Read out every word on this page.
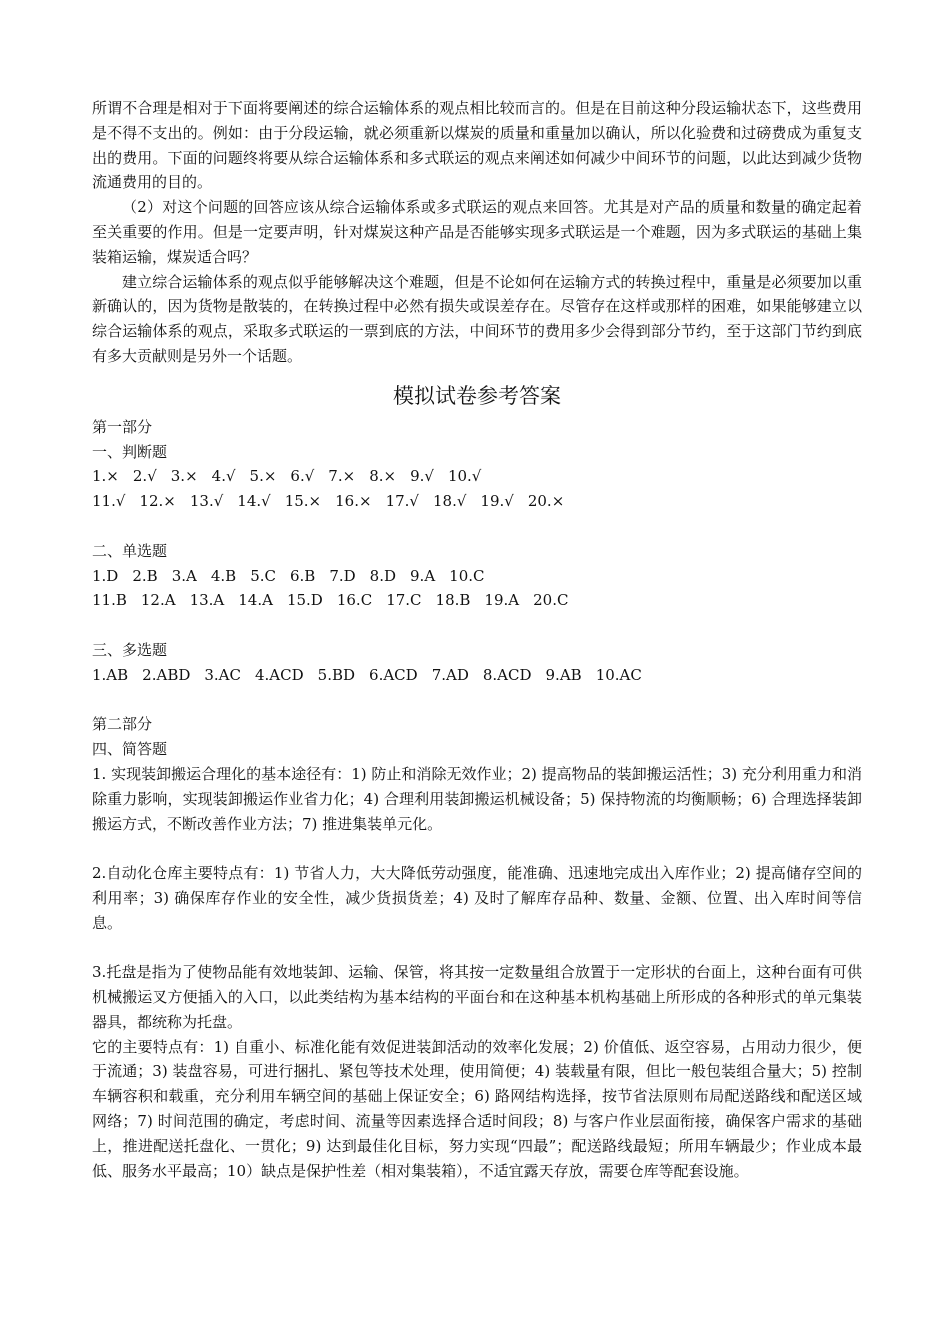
所谓不合理是相对于下面将要阐述的综合运输体系的观点相比较而言的。但是在目前这种分段运输状态下，这些费用是不得不支出的。例如：由于分段运输，就必须重新以煤炭的质量和重量加以确认，所以化验费和过磅费成为重复支出的费用。下面的问题终将要从综合运输体系和多式联运的观点来阐述如何减少中间环节的问题，以此达到减少货物流通费用的目的。

（2）对这个问题的回答应该从综合运输体系或多式联运的观点来回答。尤其是对产品的质量和数量的确定起着至关重要的作用。但是一定要声明，针对煤炭这种产品是否能够实现多式联运是一个难题，因为多式联运的基础上集装箱运输，煤炭适合吗？

建立综合运输体系的观点似乎能够解决这个难题，但是不论如何在运输方式的转换过程中，重量是必须要加以重新确认的，因为货物是散装的，在转换过程中必然有损失或误差存在。尽管存在这样或那样的困难，如果能够建立以综合运输体系的观点，采取多式联运的一票到底的方法，中间环节的费用多少会得到部分节约，至于这部门节约到底有多大贡献则是另外一个话题。

模拟试卷参考答案

第一部分

一、判断题

1.× 2.√ 3.× 4.√ 5.× 6.√ 7.× 8.× 9.√ 10.√

11.√ 12.× 13.√ 14.√ 15.× 16.× 17.√ 18.√ 19.√ 20.×

二、单选题

1.D 2.B 3.A 4.B 5.C 6.B 7.D 8.D 9.A 10.C

11.B 12.A 13.A 14.A 15.D 16.C 17.C 18.B 19.A 20.C

三、多选题

1.AB 2.ABD 3.AC 4.ACD 5.BD 6.ACD 7.AD 8.ACD 9.AB 10.AC

第二部分

四、简答题

1. 实现装卸搬运合理化的基本途径有：1) 防止和消除无效作业；2) 提高物品的装卸搬运活性；3) 充分利用重力和消除重力影响，实现装卸搬运作业省力化；4) 合理利用装卸搬运机械设备；5) 保持物流的均衡顺畅；6) 合理选择装卸搬运方式，不断改善作业方法；7) 推进集装单元化。

2.自动化仓库主要特点有：1) 节省人力，大大降低劳动强度，能准确、迅速地完成出入库作业；2) 提高储存空间的利用率；3) 确保库存作业的安全性，减少货损货差；4) 及时了解库存品种、数量、金额、位置、出入库时间等信息。

3.托盘是指为了使物品能有效地装卸、运输、保管，将其按一定数量组合放置于一定形状的台面上，这种台面有可供机械搬运叉方便插入的入口，以此类结构为基本结构的平面台和在这种基本机构基础上所形成的各种形式的单元集装器具，都统称为托盘。

它的主要特点有：1) 自重小、标准化能有效促进装卸活动的效率化发展；2) 价值低、返空容易，占用动力很少，便于流通；3) 装盘容易，可进行捆扎、紧包等技术处理，使用简便；4) 装载量有限，但比一般包装组合量大；5) 控制车辆容积和载重，充分利用车辆空间的基础上保证安全；6) 路网结构选择，按节省法原则布局配送路线和配送区域网络；7) 时间范围的确定，考虑时间、流量等因素选择合适时间段；8) 与客户作业层面衔接，确保客户需求的基础上，推进配送托盘化、一贯化；9) 达到最佳化目标，努力实现“四最”；配送路线最短；所用车辆最少；作业成本最低、服务水平最高；10）缺点是保护性差（相对集装箱），不适宜露天存放，需要仓库等配套设施。
